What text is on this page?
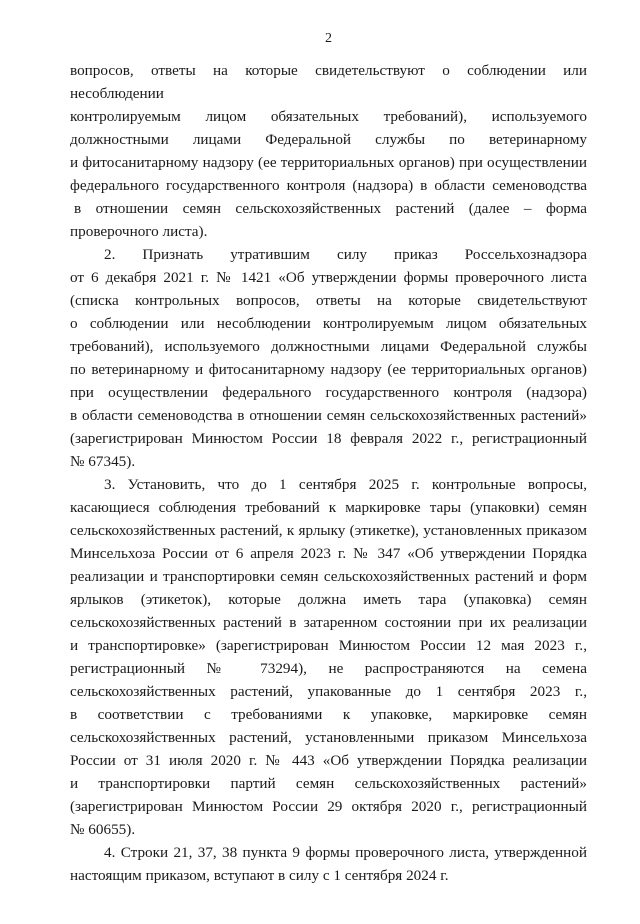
2
вопросов, ответы на которые свидетельствуют о соблюдении или несоблюдении
контролируемым лицом обязательных требований), используемого
должностными лицами Федеральной службы по ветеринарному
и фитосанитарному надзору (ее территориальных органов) при осуществлении
федерального государственного контроля (надзора) в области семеноводства
в отношении семян сельскохозяйственных растений (далее – форма
проверочного листа).
2. Признать утратившим силу приказ Россельхознадзора
от 6 декабря 2021 г. № 1421 «Об утверждении формы проверочного листа
(списка контрольных вопросов, ответы на которые свидетельствуют
о соблюдении или несоблюдении контролируемым лицом обязательных
требований), используемого должностными лицами Федеральной службы
по ветеринарному и фитосанитарному надзору (ее территориальных органов)
при осуществлении федерального государственного контроля (надзора)
в области семеноводства в отношении семян сельскохозяйственных растений»
(зарегистрирован Минюстом России 18 февраля 2022 г., регистрационный
№ 67345).
3. Установить, что до 1 сентября 2025 г. контрольные вопросы,
касающиеся соблюдения требований к маркировке тары (упаковки) семян
сельскохозяйственных растений, к ярлыку (этикетке), установленных приказом
Минсельхоза России от 6 апреля 2023 г. № 347 «Об утверждении Порядка
реализации и транспортировки семян сельскохозяйственных растений и форм
ярлыков (этикеток), которые должна иметь тара (упаковка) семян
сельскохозяйственных растений в затаренном состоянии при их реализации
и транспортировке» (зарегистрирован Минюстом России 12 мая 2023 г.,
регистрационный № 73294), не распространяются на семена
сельскохозяйственных растений, упакованные до 1 сентября 2023 г.,
в соответствии с требованиями к упаковке, маркировке семян
сельскохозяйственных растений, установленными приказом Минсельхоза
России от 31 июля 2020 г. № 443 «Об утверждении Порядка реализации
и транспортировки партий семян сельскохозяйственных растений»
(зарегистрирован Минюстом России 29 октября 2020 г., регистрационный
№ 60655).
4. Строки 21, 37, 38 пункта 9 формы проверочного листа, утвержденной
настоящим приказом, вступают в силу с 1 сентября 2024 г.
